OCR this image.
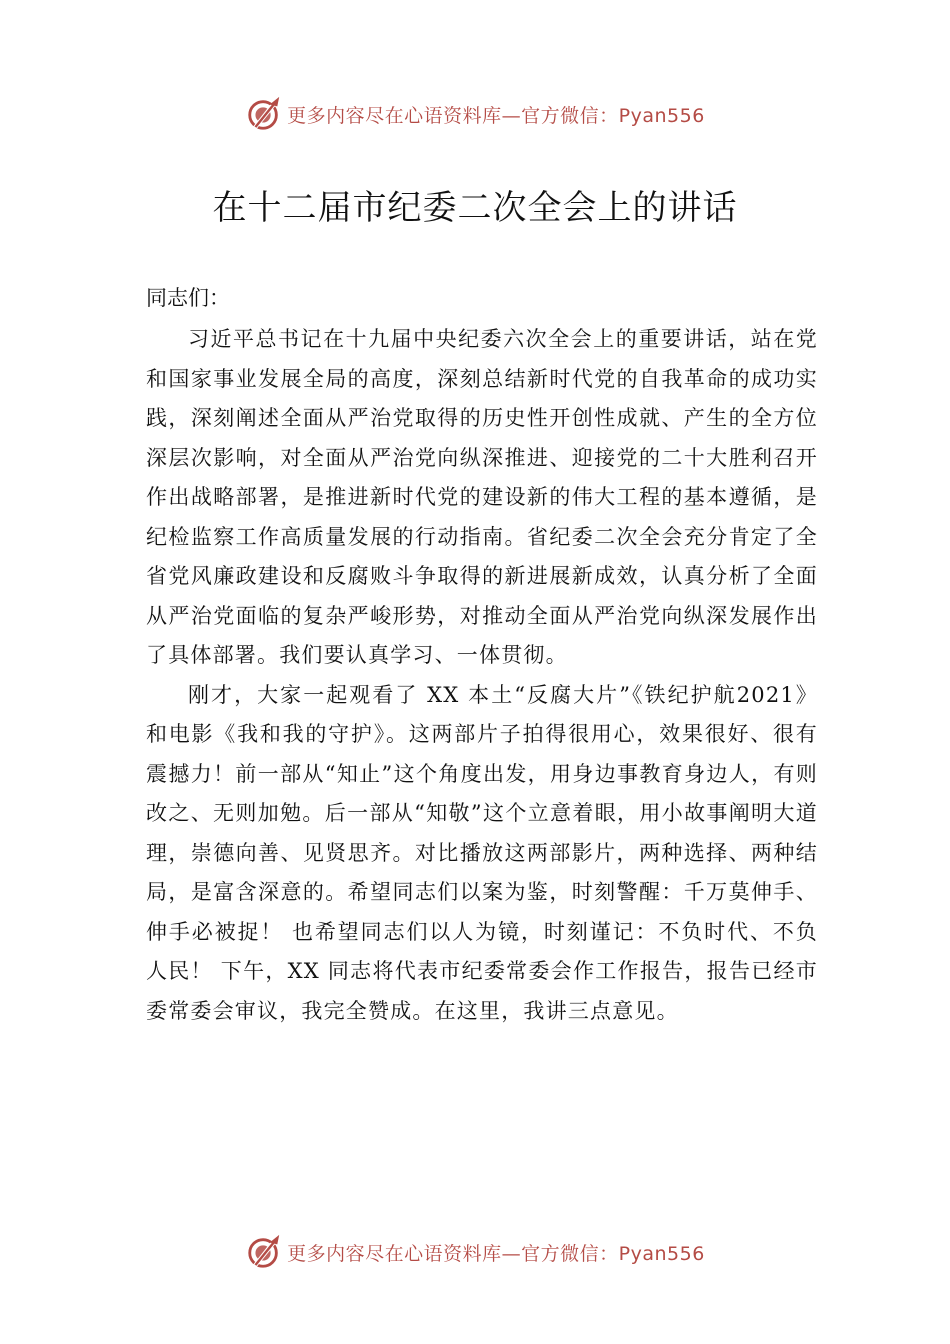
更多内容尽在心语资料库—官方微信：Pyan556
在十二届市纪委二次全会上的讲话

同志们：

习近平总书记在十九届中央纪委六次全会上的重要讲话，站在党和国家事业发展全局的高度，深刻总结新时代党的自我革命的成功实践，深刻阐述全面从严治党取得的历史性开创性成就、产生的全方位深层次影响，对全面从严治党向纵深推进、迎接党的二十大胜利召开作出战略部署，是推进新时代党的建设新的伟大工程的基本遵循，是纪检监察工作高质量发展的行动指南。省纪委二次全会充分肯定了全省党风廉政建设和反腐败斗争取得的新进展新成效，认真分析了全面从严治党面临的复杂严峻形势，对推动全面从严治党向纵深发展作出了具体部署。我们要认真学习、一体贯彻。

刚才，大家一起观看了 XX 本土“反腐大片”《铁纪护航2021》和电影《我和我的守护》。这两部片子拍得很用心，效果很好、很有震撼力！前一部从“知止”这个角度出发，用身边事教育身边人，有则改之、无则加勉。后一部从“知敬”这个立意着眼，用小故事阐明大道理，崇德向善、见贤思齐。对比播放这两部影片，两种选择、两种结局，是富含深意的。希望同志们以案为鉴，时刻警醒：千万莫伸手、伸手必被捉！ 也希望同志们以人为镜，时刻谨记：不负时代、不负人民！ 下午，XX 同志将代表市纪委常委会作工作报告，报告已经市委常委会审议，我完全赞成。在这里，我讲三点意见。

更多内容尽在心语资料库—官方微信：Pyan556
